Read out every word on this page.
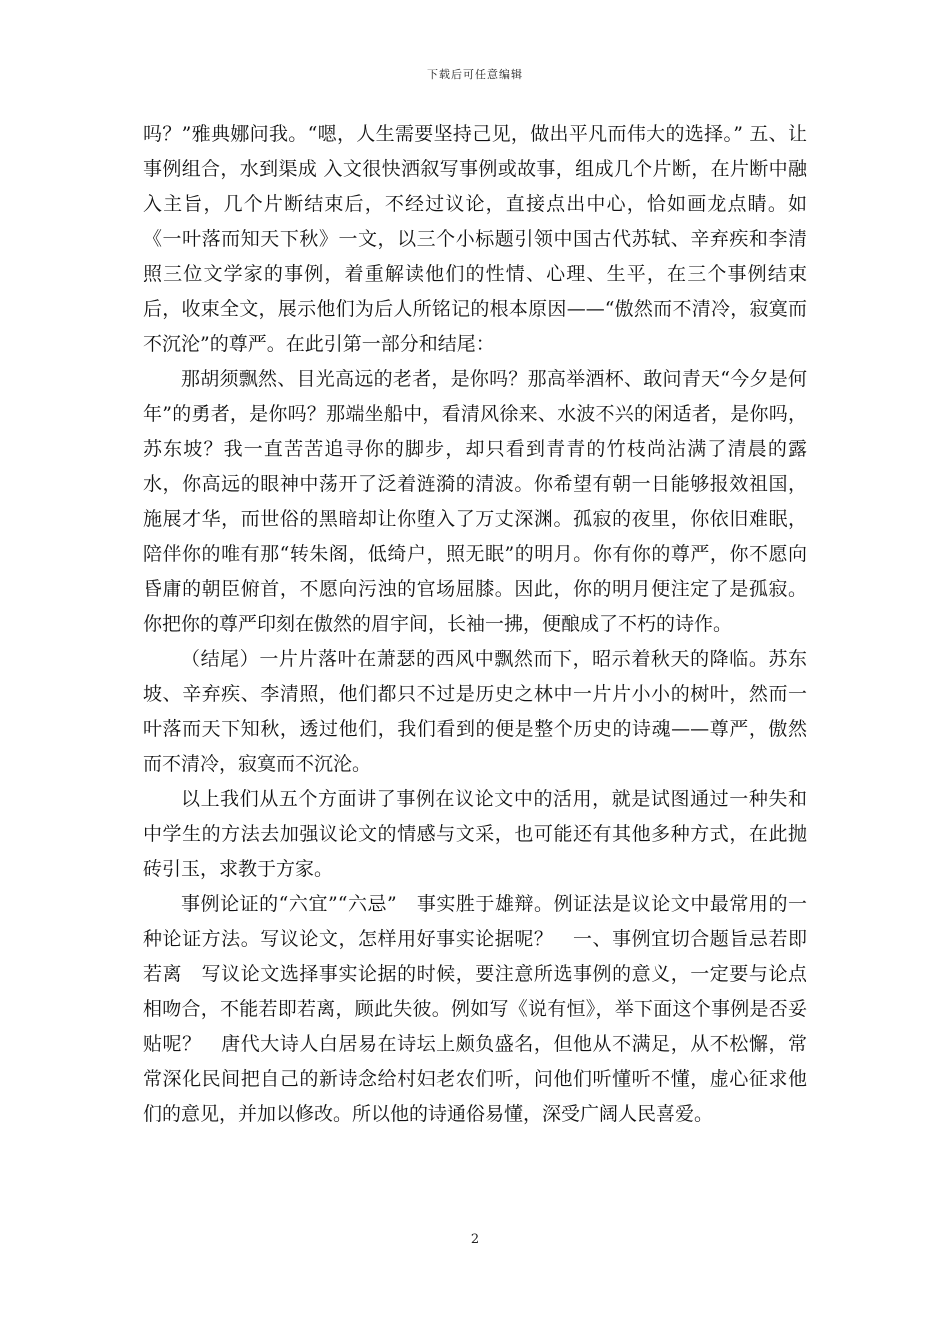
下载后可任意编辑

吗？”雅典娜问我。“嗯，人生需要坚持己见，做出平凡而伟大的选择。” 五、让事例组合，水到渠成 入文很快洒叙写事例或故事，组成几个片断，在片断中融入主旨，几个片断结束后，不经过议论，直接点出中心，恰如画龙点睛。如《一叶落而知天下秋》一文，以三个小标题引领中国古代苏轼、辛弃疾和李清照三位文学家的事例，着重解读他们的性情、心理、生平，在三个事例结束后，收束全文，展示他们为后人所铭记的根本原因——“傲然而不清冷，寂寞而不沉沦”的尊严。在此引第一部分和结尾：

那胡须飘然、目光高远的老者，是你吗？那高举酒杯、敢问青天“今夕是何年”的勇者，是你吗？那端坐船中，看清风徐来、水波不兴的闲适者，是你吗，苏东坡？我一直苦苦追寻你的脚步，却只看到青青的竹枝尚沾满了清晨的露水，你高远的眼神中荡开了泛着涟漪的清波。你希望有朝一日能够报效祖国，施展才华，而世俗的黑暗却让你堕入了万丈深渊。孤寂的夜里，你依旧难眠，陪伴你的唯有那“转朱阁，低绮户，照无眠”的明月。你有你的尊严，你不愿向昏庸的朝臣俯首，不愿向污浊的官场屈膝。因此，你的明月便注定了是孤寂。你把你的尊严印刻在傲然的眉宇间，长袖一拂，便酿成了不朽的诗作。

（结尾）一片片落叶在萧瑟的西风中飘然而下，昭示着秋天的降临。苏东坡、辛弃疾、李清照，他们都只不过是历史之林中一片片小小的树叶，然而一叶落而天下知秋，透过他们，我们看到的便是整个历史的诗魂——尊严，傲然而不清冷，寂寞而不沉沦。

以上我们从五个方面讲了事例在议论文中的活用，就是试图通过一种失和中学生的方法去加强议论文的情感与文采，也可能还有其他多种方式，在此抛砖引玉，求教于方家。

事例论证的“六宜”“六忌”　事实胜于雄辩。例证法是议论文中最常用的一种论证方法。写议论文，怎样用好事实论据呢？　一、事例宜切合题旨忌若即若离　写议论文选择事实论据的时候，要注意所选事例的意义，一定要与论点相吻合，不能若即若离，顾此失彼。例如写《说有恒》，举下面这个事例是否妥贴呢？　唐代大诗人白居易在诗坛上颇负盛名，但他从不满足，从不松懈，常常深化民间把自己的新诗念给村妇老农们听，问他们听懂听不懂，虚心征求他们的意见，并加以修改。所以他的诗通俗易懂，深受广阔人民喜爱。

2
